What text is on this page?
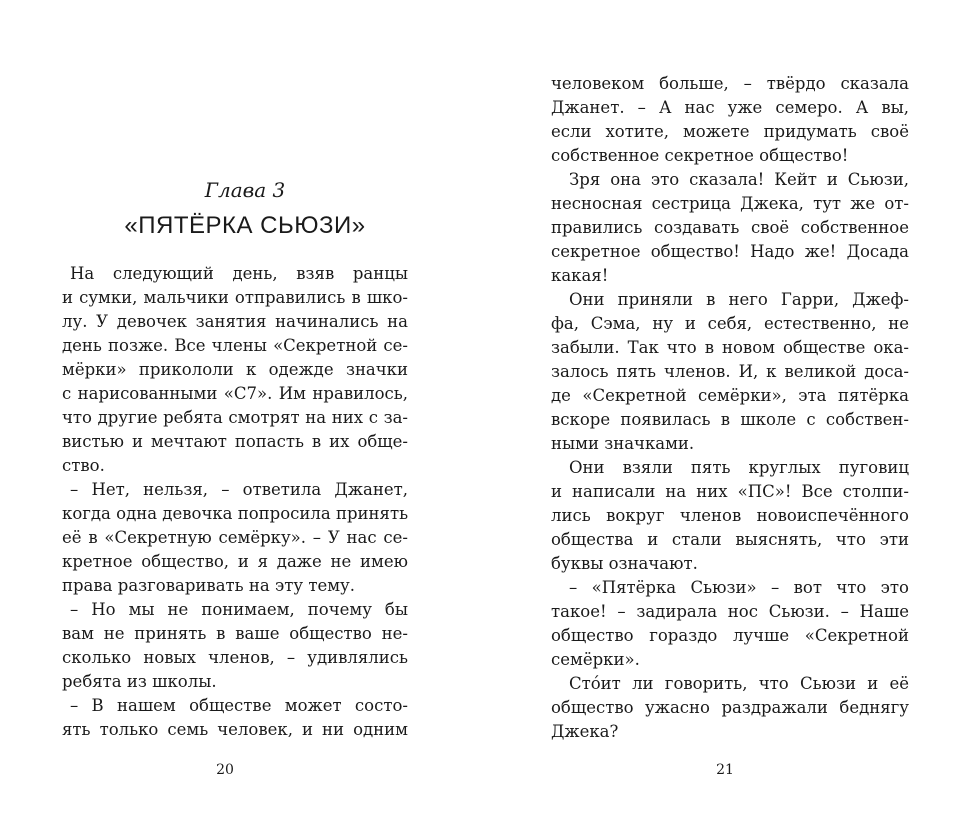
Глава 3
«ПЯТЁРКА СЬЮЗИ»
На следующий день, взяв ранцы
и сумки, мальчики отправились в шко-
лу. У девочек занятия начинались на
день позже. Все члены «Секретной се-
мёрки» прикололи к одежде значки
с нарисованными «С7». Им нравилось,
что другие ребята смотрят на них с за-
вистью и мечтают попасть в их обще-
ство.
– Нет, нельзя, – ответила Джанет,
когда одна девочка попросила принять
её в «Секретную семёрку». – У нас се-
кретное общество, и я даже не имею
права разговаривать на эту тему.
– Но мы не понимаем, почему бы
вам не принять в ваше общество не-
сколько новых членов, – удивлялись
ребята из школы.
– В нашем обществе может состо-
ять только семь человек, и ни одним
20
человеком больше, – твёрдо сказала
Джанет. – А нас уже семеро. А вы,
если хотите, можете придумать своё
собственное секретное общество!
Зря она это сказала! Кейт и Сьюзи,
несносная сестрица Джека, тут же от-
правились создавать своё собственное
секретное общество! Надо же! Досада
какая!
Они приняли в него Гарри, Джеф-
фа, Сэма, ну и себя, естественно, не
забыли. Так что в новом обществе ока-
залось пять членов. И, к великой доса-
де «Секретной семёрки», эта пятёрка
вскоре появилась в школе с собствен-
ными значками.
Они взяли пять круглых пуговиц
и написали на них «ПС»! Все столпи-
лись вокруг членов новоиспечённого
общества и стали выяснять, что эти
буквы означают.
– «Пятёрка Сьюзи» – вот что это
такое! – задирала нос Сьюзи. – Наше
общество гораздо лучше «Секретной
семёрки».
Стóит ли говорить, что Сьюзи и её
общество ужасно раздражали беднягу
Джека?
21
